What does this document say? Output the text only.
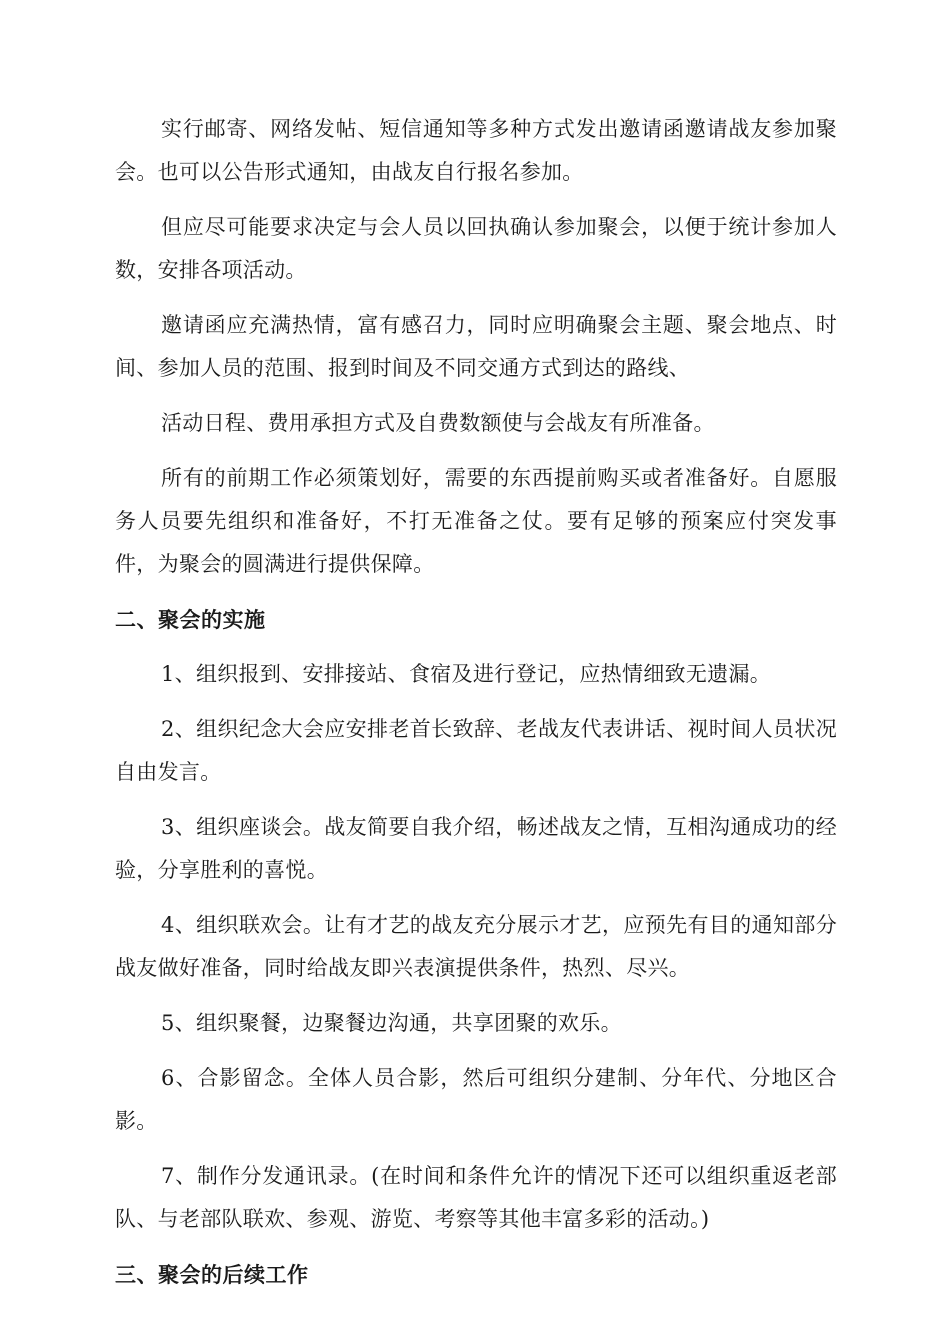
实行邮寄、网络发帖、短信通知等多种方式发出邀请函邀请战友参加聚会。也可以公告形式通知，由战友自行报名参加。

但应尽可能要求决定与会人员以回执确认参加聚会，以便于统计参加人数，安排各项活动。

邀请函应充满热情，富有感召力，同时应明确聚会主题、聚会地点、时间、参加人员的范围、报到时间及不同交通方式到达的路线、

活动日程、费用承担方式及自费数额使与会战友有所准备。

所有的前期工作必须策划好，需要的东西提前购买或者准备好。自愿服务人员要先组织和准备好，不打无准备之仗。要有足够的预案应付突发事件，为聚会的圆满进行提供保障。

二、聚会的实施

1、组织报到、安排接站、食宿及进行登记，应热情细致无遗漏。

2、组织纪念大会应安排老首长致辞、老战友代表讲话、视时间人员状况自由发言。

3、组织座谈会。战友简要自我介绍，畅述战友之情，互相沟通成功的经验，分享胜利的喜悦。

4、组织联欢会。让有才艺的战友充分展示才艺，应预先有目的通知部分战友做好准备，同时给战友即兴表演提供条件，热烈、尽兴。

5、组织聚餐，边聚餐边沟通，共享团聚的欢乐。

6、合影留念。全体人员合影，然后可组织分建制、分年代、分地区合影。

7、制作分发通讯录。(在时间和条件允许的情况下还可以组织重返老部队、与老部队联欢、参观、游览、考察等其他丰富多彩的活动。)

三、聚会的后续工作
